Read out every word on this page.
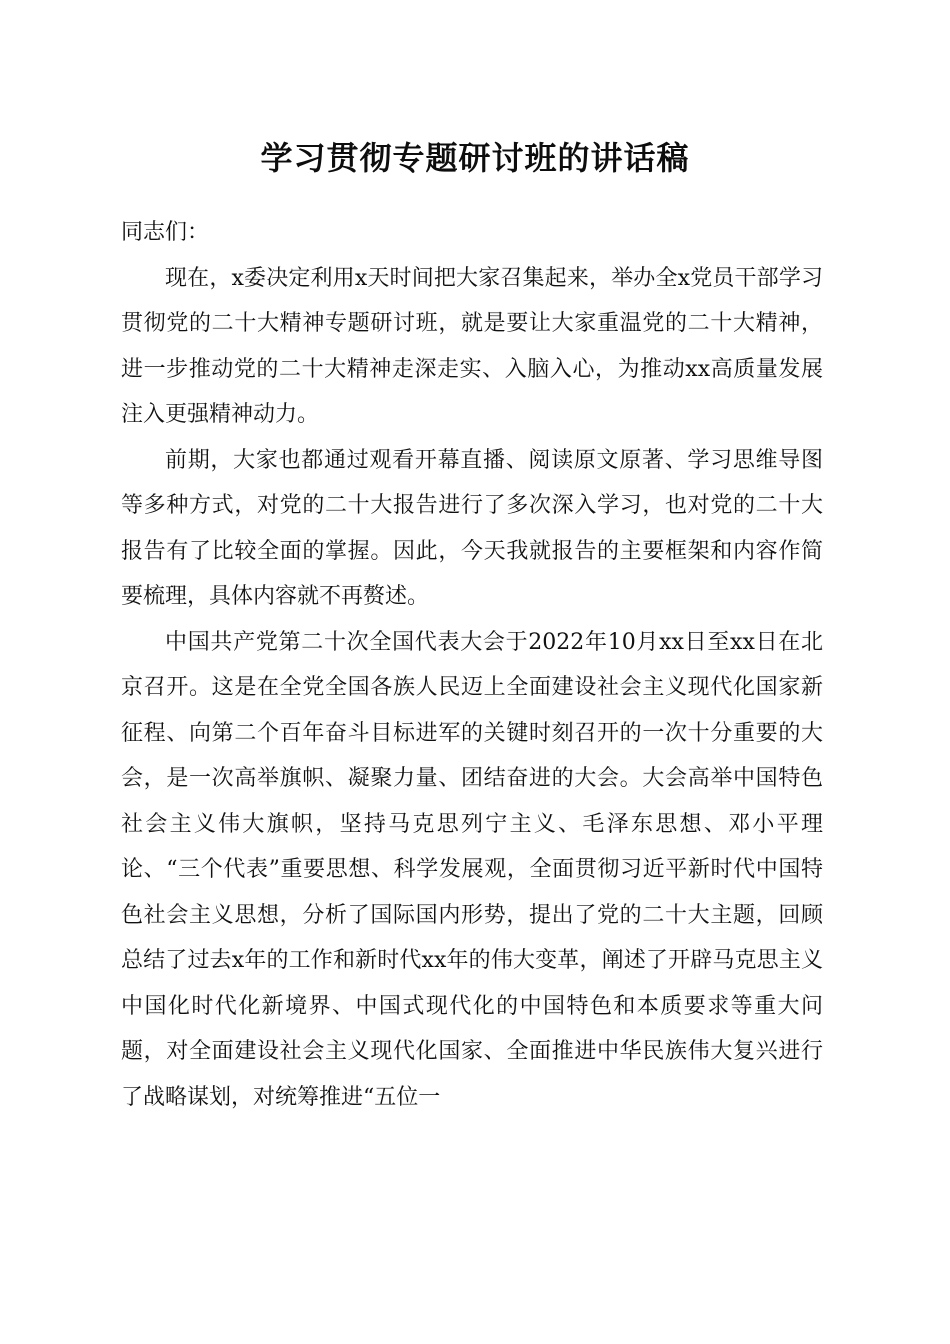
学习贯彻专题研讨班的讲话稿

同志们：

现在，x委决定利用x天时间把大家召集起来，举办全x党员干部学习贯彻党的二十大精神专题研讨班，就是要让大家重温党的二十大精神，进一步推动党的二十大精神走深走实、入脑入心，为推动xx高质量发展注入更强精神动力。

前期，大家也都通过观看开幕直播、阅读原文原著、学习思维导图等多种方式，对党的二十大报告进行了多次深入学习，也对党的二十大报告有了比较全面的掌握。因此，今天我就报告的主要框架和内容作简要梳理，具体内容就不再赘述。

中国共产党第二十次全国代表大会于2022年10月xx日至xx日在北京召开。这是在全党全国各族人民迈上全面建设社会主义现代化国家新征程、向第二个百年奋斗目标进军的关键时刻召开的一次十分重要的大会，是一次高举旗帜、凝聚力量、团结奋进的大会。大会高举中国特色社会主义伟大旗帜，坚持马克思列宁主义、毛泽东思想、邓小平理论、“三个代表”重要思想、科学发展观，全面贯彻习近平新时代中国特色社会主义思想，分析了国际国内形势，提出了党的二十大主题，回顾总结了过去x年的工作和新时代xx年的伟大变革，阐述了开辟马克思主义中国化时代化新境界、中国式现代化的中国特色和本质要求等重大问题，对全面建设社会主义现代化国家、全面推进中华民族伟大复兴进行了战略谋划，对统筹推进“五位一
